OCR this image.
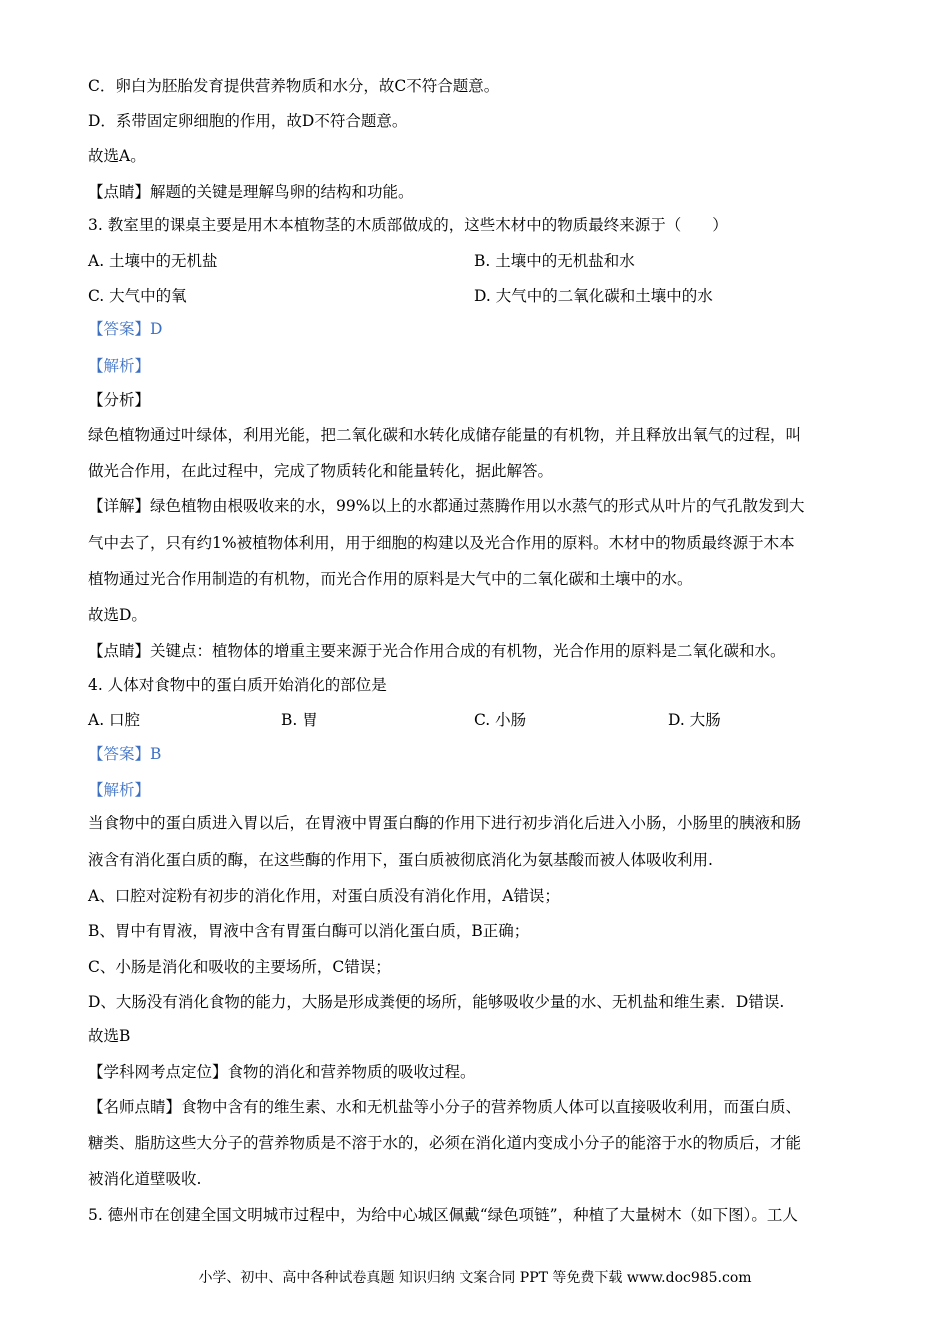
C．卵白为胚胎发育提供营养物质和水分，故C不符合题意。
D．系带固定卵细胞的作用，故D不符合题意。
故选A。
【点睛】解题的关键是理解鸟卵的结构和功能。
3. 教室里的课桌主要是用木本植物茎的木质部做成的，这些木材中的物质最终来源于（　　）
A. 土壤中的无机盐	B. 土壤中的无机盐和水
C. 大气中的氧	D. 大气中的二氧化碳和土壤中的水
【答案】D
【解析】
【分析】
绿色植物通过叶绿体，利用光能，把二氧化碳和水转化成储存能量的有机物，并且释放出氧气的过程，叫
做光合作用，在此过程中，完成了物质转化和能量转化，据此解答。
【详解】绿色植物由根吸收来的水，99%以上的水都通过蒸腾作用以水蒸气的形式从叶片的气孔散发到大
气中去了，只有约1%被植物体利用，用于细胞的构建以及光合作用的原料。木材中的物质最终源于木本
植物通过光合作用制造的有机物，而光合作用的原料是大气中的二氧化碳和土壤中的水。
故选D。
【点睛】关键点：植物体的增重主要来源于光合作用合成的有机物，光合作用的原料是二氧化碳和水。
4. 人体对食物中的蛋白质开始消化的部位是
A. 口腔	B. 胃	C. 小肠	D. 大肠
【答案】B
【解析】
当食物中的蛋白质进入胃以后，在胃液中胃蛋白酶的作用下进行初步消化后进入小肠，小肠里的胰液和肠
液含有消化蛋白质的酶，在这些酶的作用下，蛋白质被彻底消化为氨基酸而被人体吸收利用.
A、口腔对淀粉有初步的消化作用，对蛋白质没有消化作用，A错误；
B、胃中有胃液，胃液中含有胃蛋白酶可以消化蛋白质，B正确；
C、小肠是消化和吸收的主要场所，C错误；
D、大肠没有消化食物的能力，大肠是形成粪便的场所，能够吸收少量的水、无机盐和维生素．D错误.
故选B
【学科网考点定位】食物的消化和营养物质的吸收过程。
【名师点睛】食物中含有的维生素、水和无机盐等小分子的营养物质人体可以直接吸收利用，而蛋白质、
糖类、脂肪这些大分子的营养物质是不溶于水的，必须在消化道内变成小分子的能溶于水的物质后，才能
被消化道壁吸收.
5. 德州市在创建全国文明城市过程中，为给中心城区佩戴“绿色项链”，种植了大量树木（如下图）。工人
小学、初中、高中各种试卷真题 知识归纳 文案合同 PPT 等免费下载 www.doc985.com
